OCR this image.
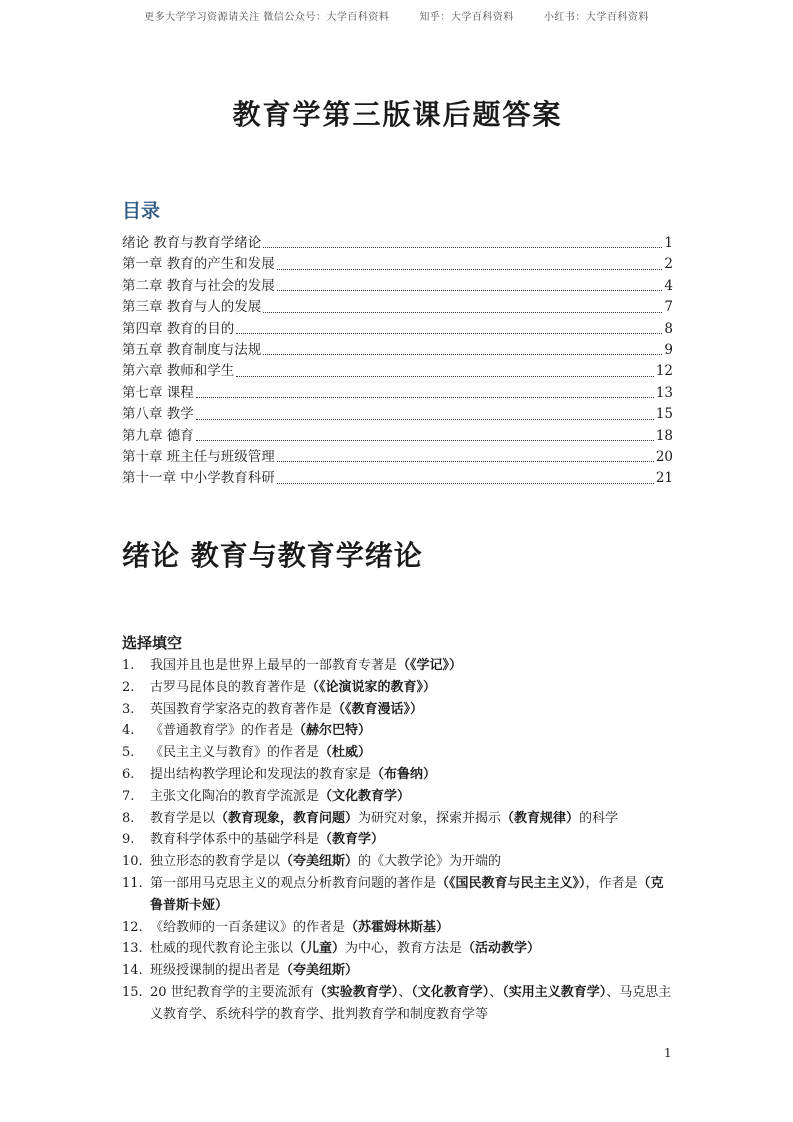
更多大学学习资源请关注 微信公众号：大学百科资料	知乎：大学百科资料	小红书：大学百科资料
教育学第三版课后题答案
目录
绪论 教育与教育学绪论	1
第一章 教育的产生和发展	2
第二章 教育与社会的发展	4
第三章 教育与人的发展	7
第四章 教育的目的	8
第五章 教育制度与法规	9
第六章 教师和学生	12
第七章 课程	13
第八章 教学	15
第九章 德育	18
第十章 班主任与班级管理	20
第十一章 中小学教育科研	21
绪论 教育与教育学绪论
选择填空
1.	我国并且也是世界上最早的一部教育专著是（《学记》）
2.	古罗马昆体良的教育著作是（《论演说家的教育》）
3.	英国教育学家洛克的教育著作是（《教育漫话》）
4.	《普通教育学》的作者是（赫尔巴特）
5.	《民主主义与教育》的作者是（杜威）
6.	提出结构教学理论和发现法的教育家是（布鲁纳）
7.	主张文化陶冶的教育学流派是（文化教育学）
8.	教育学是以（教育现象，教育问题）为研究对象，探索并揭示（教育规律）的科学
9.	教育科学体系中的基础学科是（教育学）
10. 独立形态的教育学是以（夸美纽斯）的《大教学论》为开端的
11. 第一部用马克思主义的观点分析教育问题的著作是（《国民教育与民主主义》），作者是（克鲁普斯卡娅）
12. 《给教师的一百条建议》的作者是（苏霍姆林斯基）
13. 杜威的现代教育论主张以（儿童）为中心，教育方法是（活动教学）
14. 班级授课制的提出者是（夸美纽斯）
15. 20 世纪教育学的主要流派有（实验教育学）、（文化教育学）、（实用主义教育学）、马克思主义教育学、系统科学的教育学、批判教育学和制度教育学等
1
